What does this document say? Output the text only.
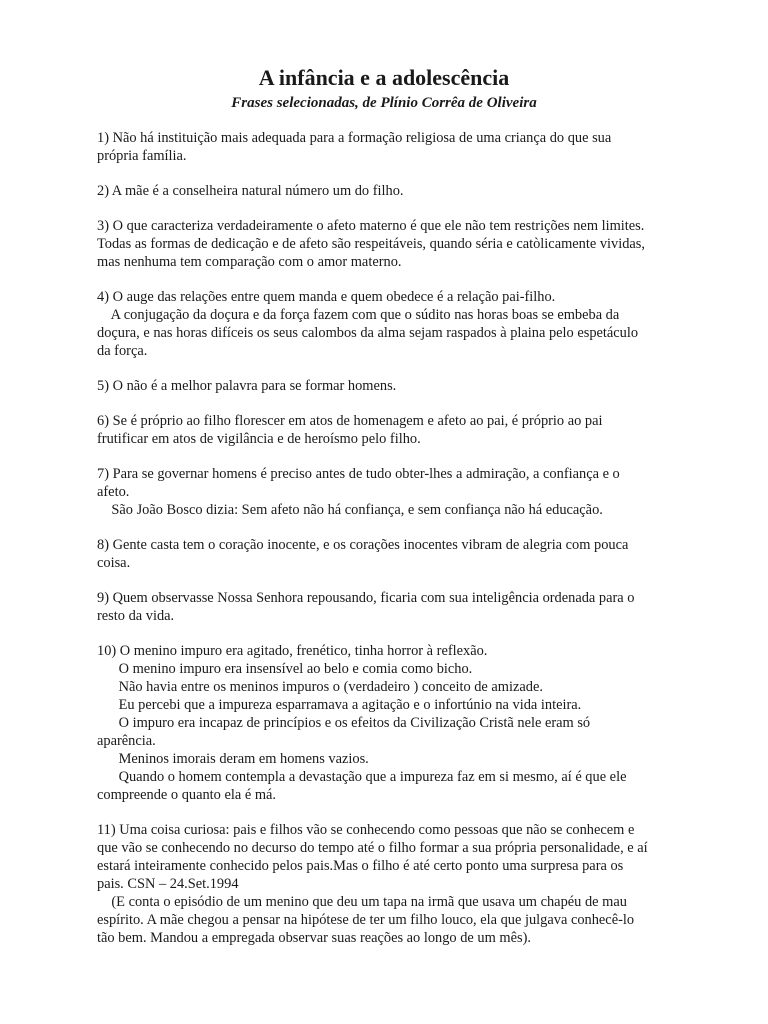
A infância e a adolescência
Frases selecionadas, de Plínio Corrêa de Oliveira
1) Não há instituição mais adequada para a formação religiosa de uma criança do que sua
própria família.
2) A mãe é a conselheira natural número um do filho.
3) O que caracteriza verdadeiramente o afeto materno é que ele não tem restrições nem limites.
Todas as formas de dedicação e de afeto são respeitáveis, quando séria e catòlicamente vividas,
mas nenhuma tem comparação com o amor materno.
4) O auge das relações entre quem manda e quem obedece é a relação pai-filho.
A conjugação da doçura e da força fazem com que o súdito nas horas boas se embeba da
doçura, e nas horas difíceis os seus calombos da alma sejam raspados à plaina pelo espetáculo
da força.
5) O não é a melhor palavra para se formar homens.
6) Se é próprio ao filho florescer em atos de homenagem e afeto ao pai, é próprio ao pai
frutificar em atos de vigilância e de heroísmo pelo filho.
7) Para se governar homens é preciso antes de tudo obter-lhes a admiração, a confiança e o
afeto.
São João Bosco dizia: Sem afeto não há confiança, e sem confiança não há educação.
8) Gente casta tem o coração inocente, e os corações inocentes vibram de alegria com pouca
coisa.
9) Quem observasse Nossa Senhora repousando, ficaria com sua inteligência ordenada para o
resto da vida.
10) O menino impuro era agitado, frenético, tinha horror à reflexão.
O menino impuro era insensível ao belo e comia como bicho.
Não havia entre os meninos impuros o (verdadeiro ) conceito de amizade.
Eu percebi que a impureza esparramava a agitação e o infortúnio na vida inteira.
O impuro era incapaz de princípios e os efeitos da Civilização Cristã nele eram só
aparência.
Meninos imorais deram em homens vazios.
Quando o homem contempla a devastação que a impureza faz em si mesmo, aí é que ele
compreende o quanto ela é má.
11) Uma coisa curiosa: pais e filhos vão se conhecendo como pessoas que não se conhecem e
que vão se conhecendo no decurso do tempo até o filho formar a sua própria personalidade, e aí
estará inteiramente conhecido pelos pais.Mas o filho é até certo ponto uma surpresa para os
pais. CSN – 24.Set.1994
(E conta o episódio de um menino que deu um tapa na irmã que usava um chapéu de mau
espírito. A mãe chegou a pensar na hipótese de ter um filho louco, ela que julgava conhecê-lo
tão bem. Mandou a empregada observar suas reações ao longo de um mês).
